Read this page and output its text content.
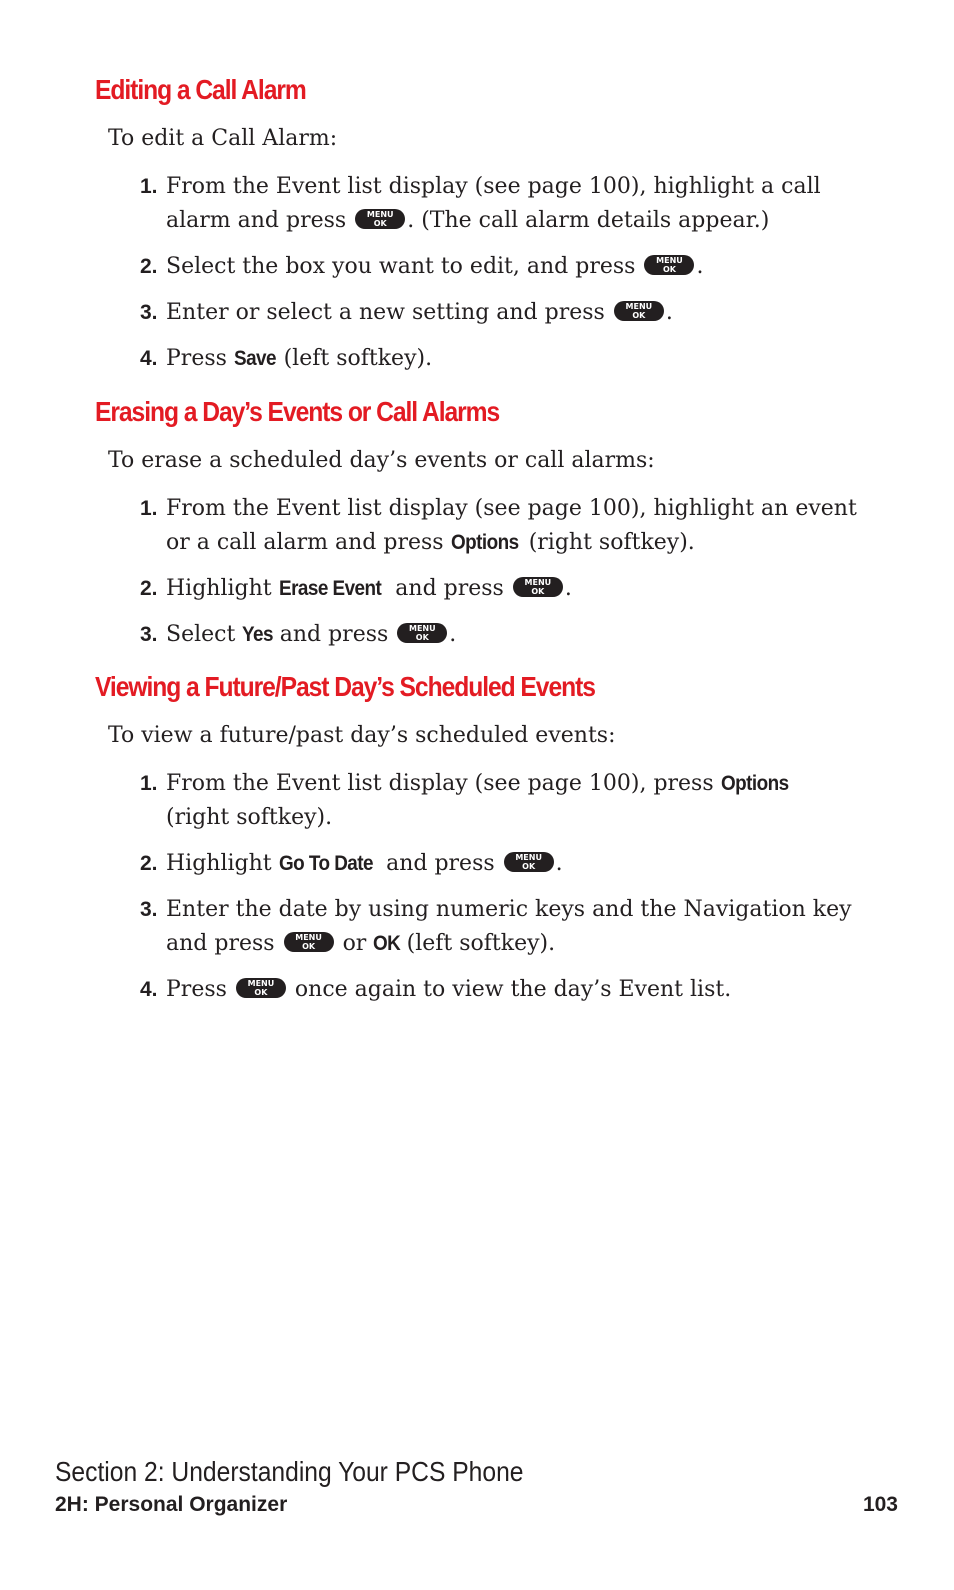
Editing a Call Alarm
To edit a Call Alarm:
1. From the Event list display (see page 100), highlight a call alarm and press	MENU
OK . (The call alarm details appear.)
2. Select the box you want to edit, and press	MENU
OK .
3. Enter or select a new setting and press	MENU
OK .
4. Press Save (left softkey).
Erasing a Day’s Events or Call Alarms
To erase a scheduled day’s events or call alarms:
1. From the Event list display (see page 100), highlight an event or a call alarm and press Options (right softkey).
2. Highlight Erase Event and press	MENU
OK .
3. Select Yes and press	MENU
OK .
Viewing a Future/Past Day’s Scheduled Events
To view a future/past day’s scheduled events:
1. From the Event list display (see page 100), press Options (right softkey).
2. Highlight Go To Date and press	MENU
OK .
3. Enter the date by using numeric keys and the Navigation key and press	MENU
OK	or OK (left softkey).
4. Press	MENU
OK	once again to view the day’s Event list.
Section 2: Understanding Your PCS Phone
2H: Personal Organizer	103
